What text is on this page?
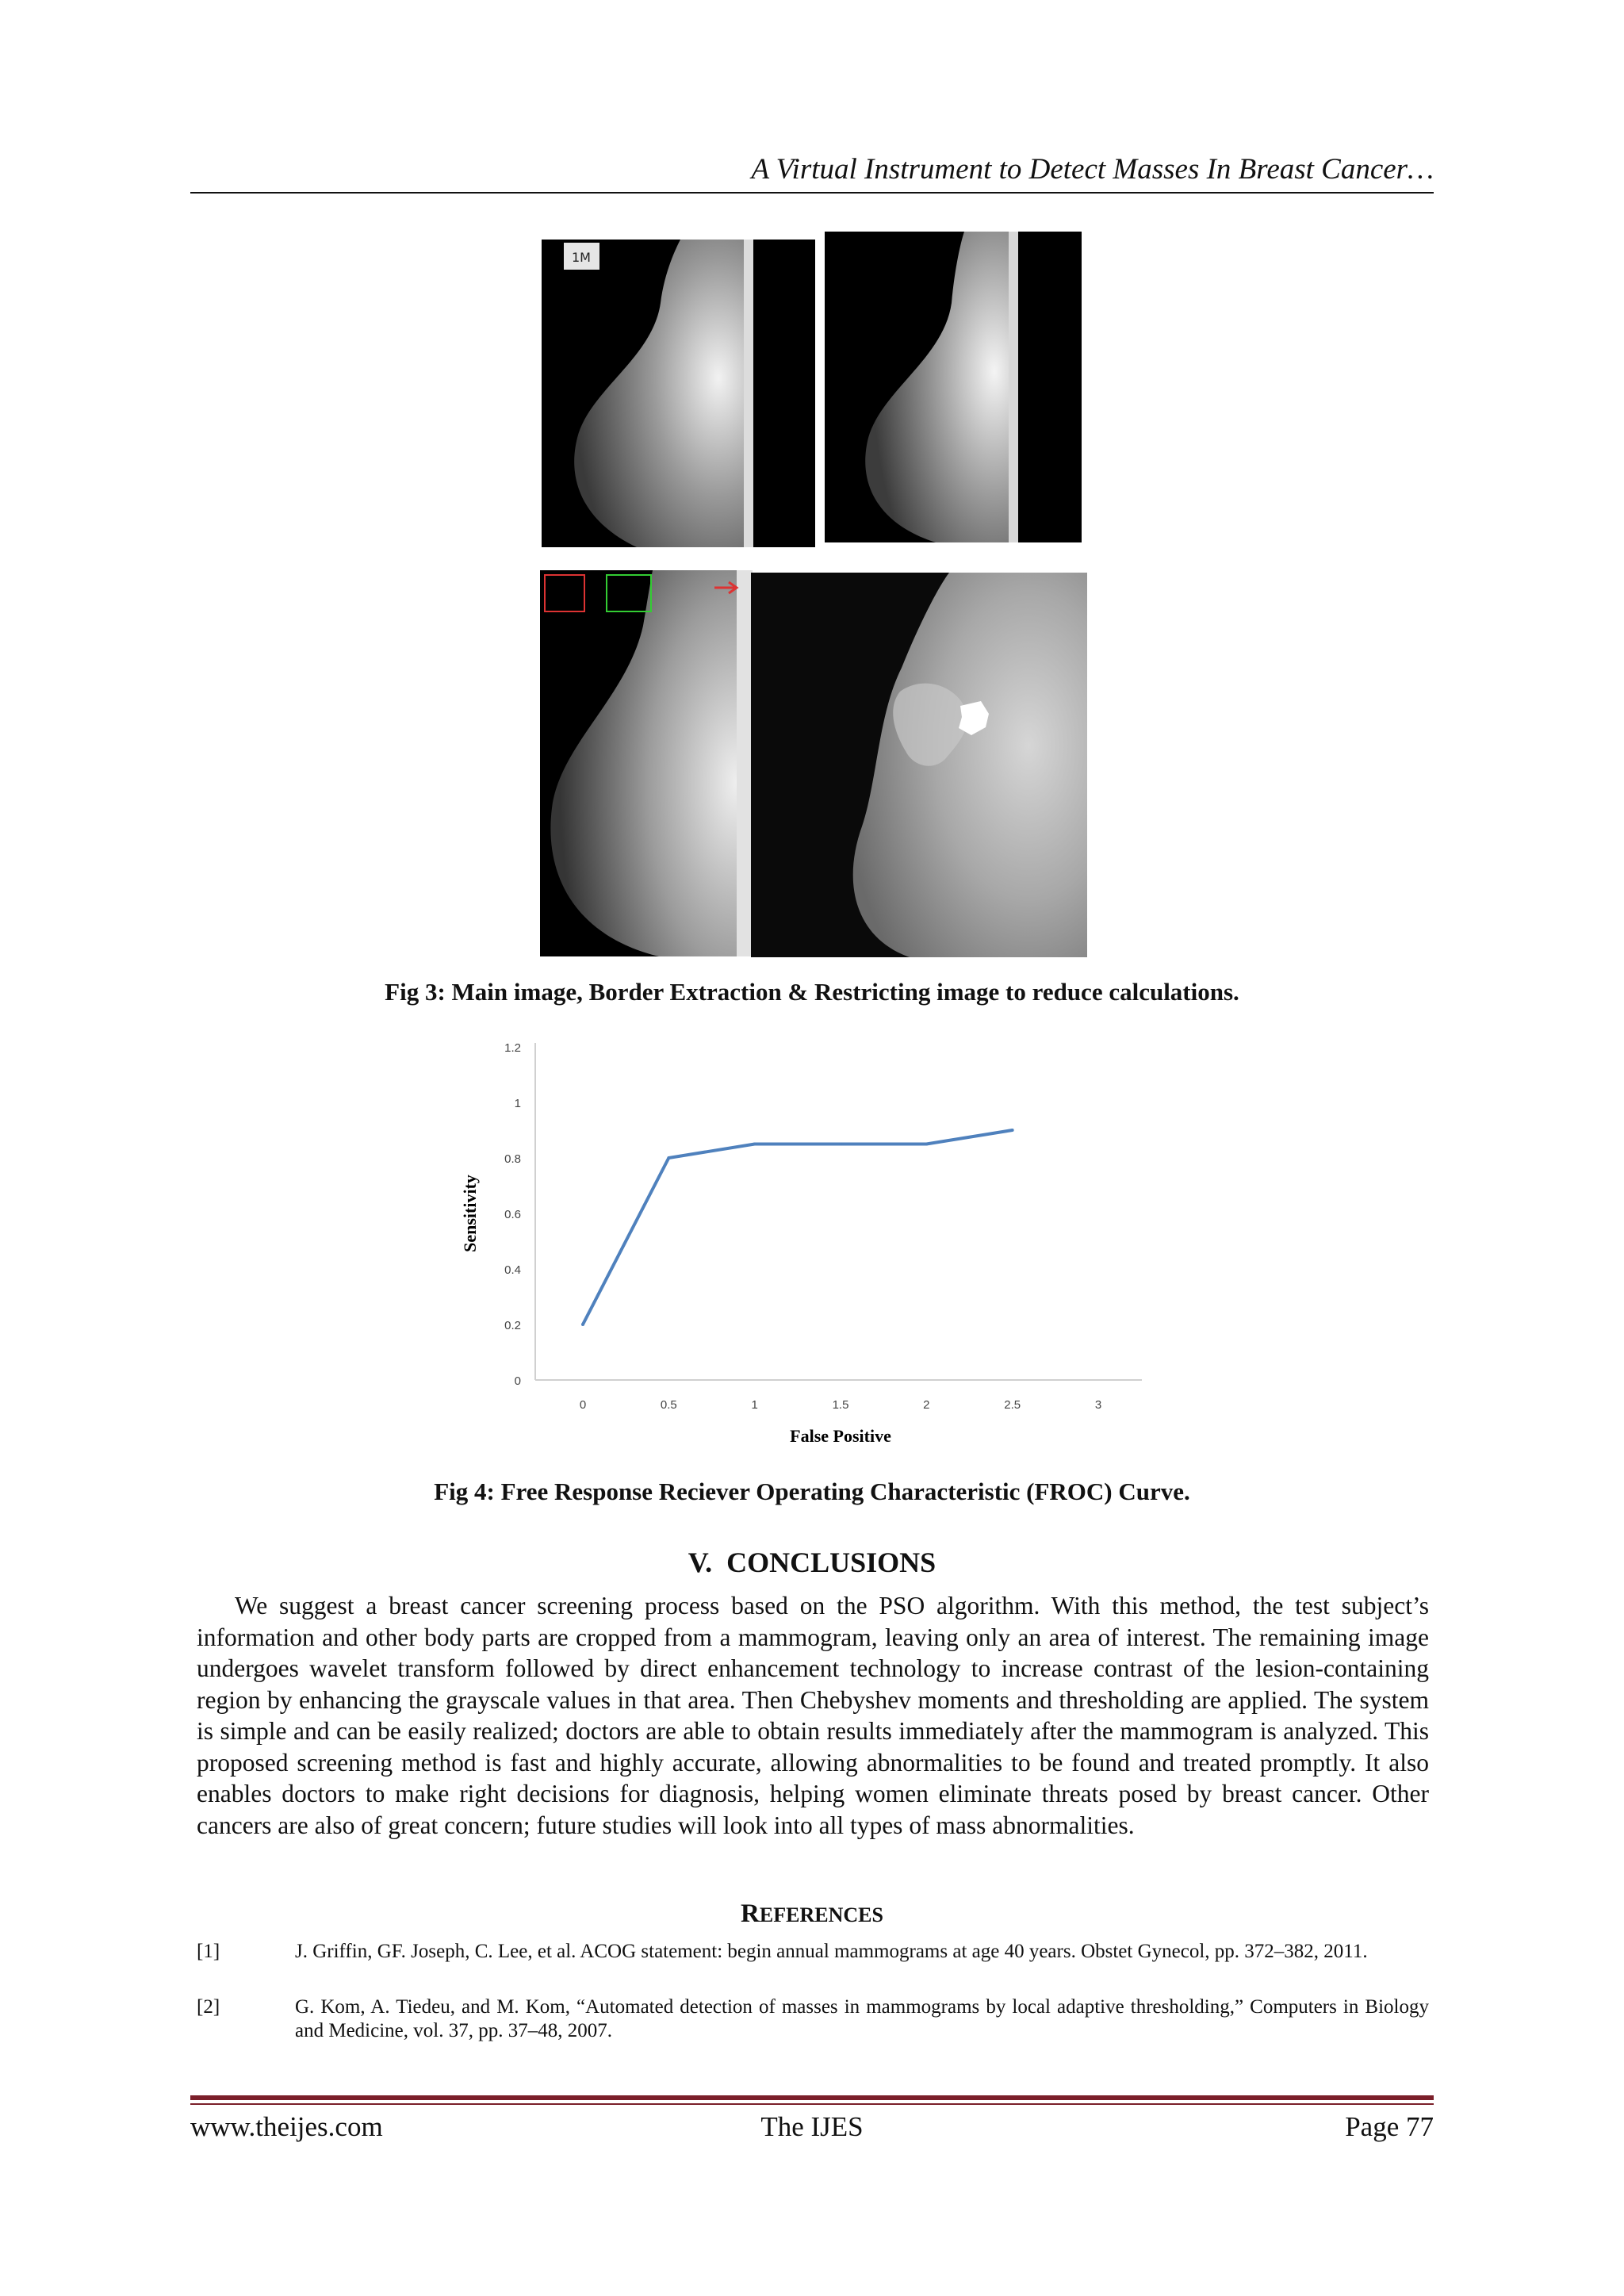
A Virtual Instrument to Detect Masses In Breast Cancer…
1M
Fig 3: Main image, Border Extraction & Restricting image to reduce calculations.
0
0.2
0.4
0.6
0.8
1
1.2
0	0.5	1	1.5	2	2.5	3
Sensitivity
False Positive
Fig 4: Free Response Reciever Operating Characteristic (FROC) Curve.
V. CONCLUSIONS

We suggest a breast cancer screening process based on the PSO algorithm. With this method, the test subject’s information and other body parts are cropped from a mammogram, leaving only an area of interest. The remaining image undergoes wavelet transform followed by direct enhancement technology to increase contrast of the lesion-containing region by enhancing the grayscale values in that area. Then Chebyshev moments and thresholding are applied. The system is simple and can be easily realized; doctors are able to obtain results immediately after the mammogram is analyzed. This proposed screening method is fast and highly accurate, allowing abnormalities to be found and treated promptly. It also enables doctors to make right decisions for diagnosis, helping women eliminate threats posed by breast cancer. Other cancers are also of great concern; future studies will look into all types of mass abnormalities.

REFERENCES
[1]	J. Griffin, GF. Joseph, C. Lee, et al. ACOG statement: begin annual mammograms at age 40 years. Obstet Gynecol, pp. 372–382, 2011.
[2]	G. Kom, A. Tiedeu, and M. Kom, “Automated detection of masses in mammograms by local adaptive thresholding,” Computers in Biology and Medicine, vol. 37, pp. 37–48, 2007.
www.theijes.com	The IJES	Page 77
